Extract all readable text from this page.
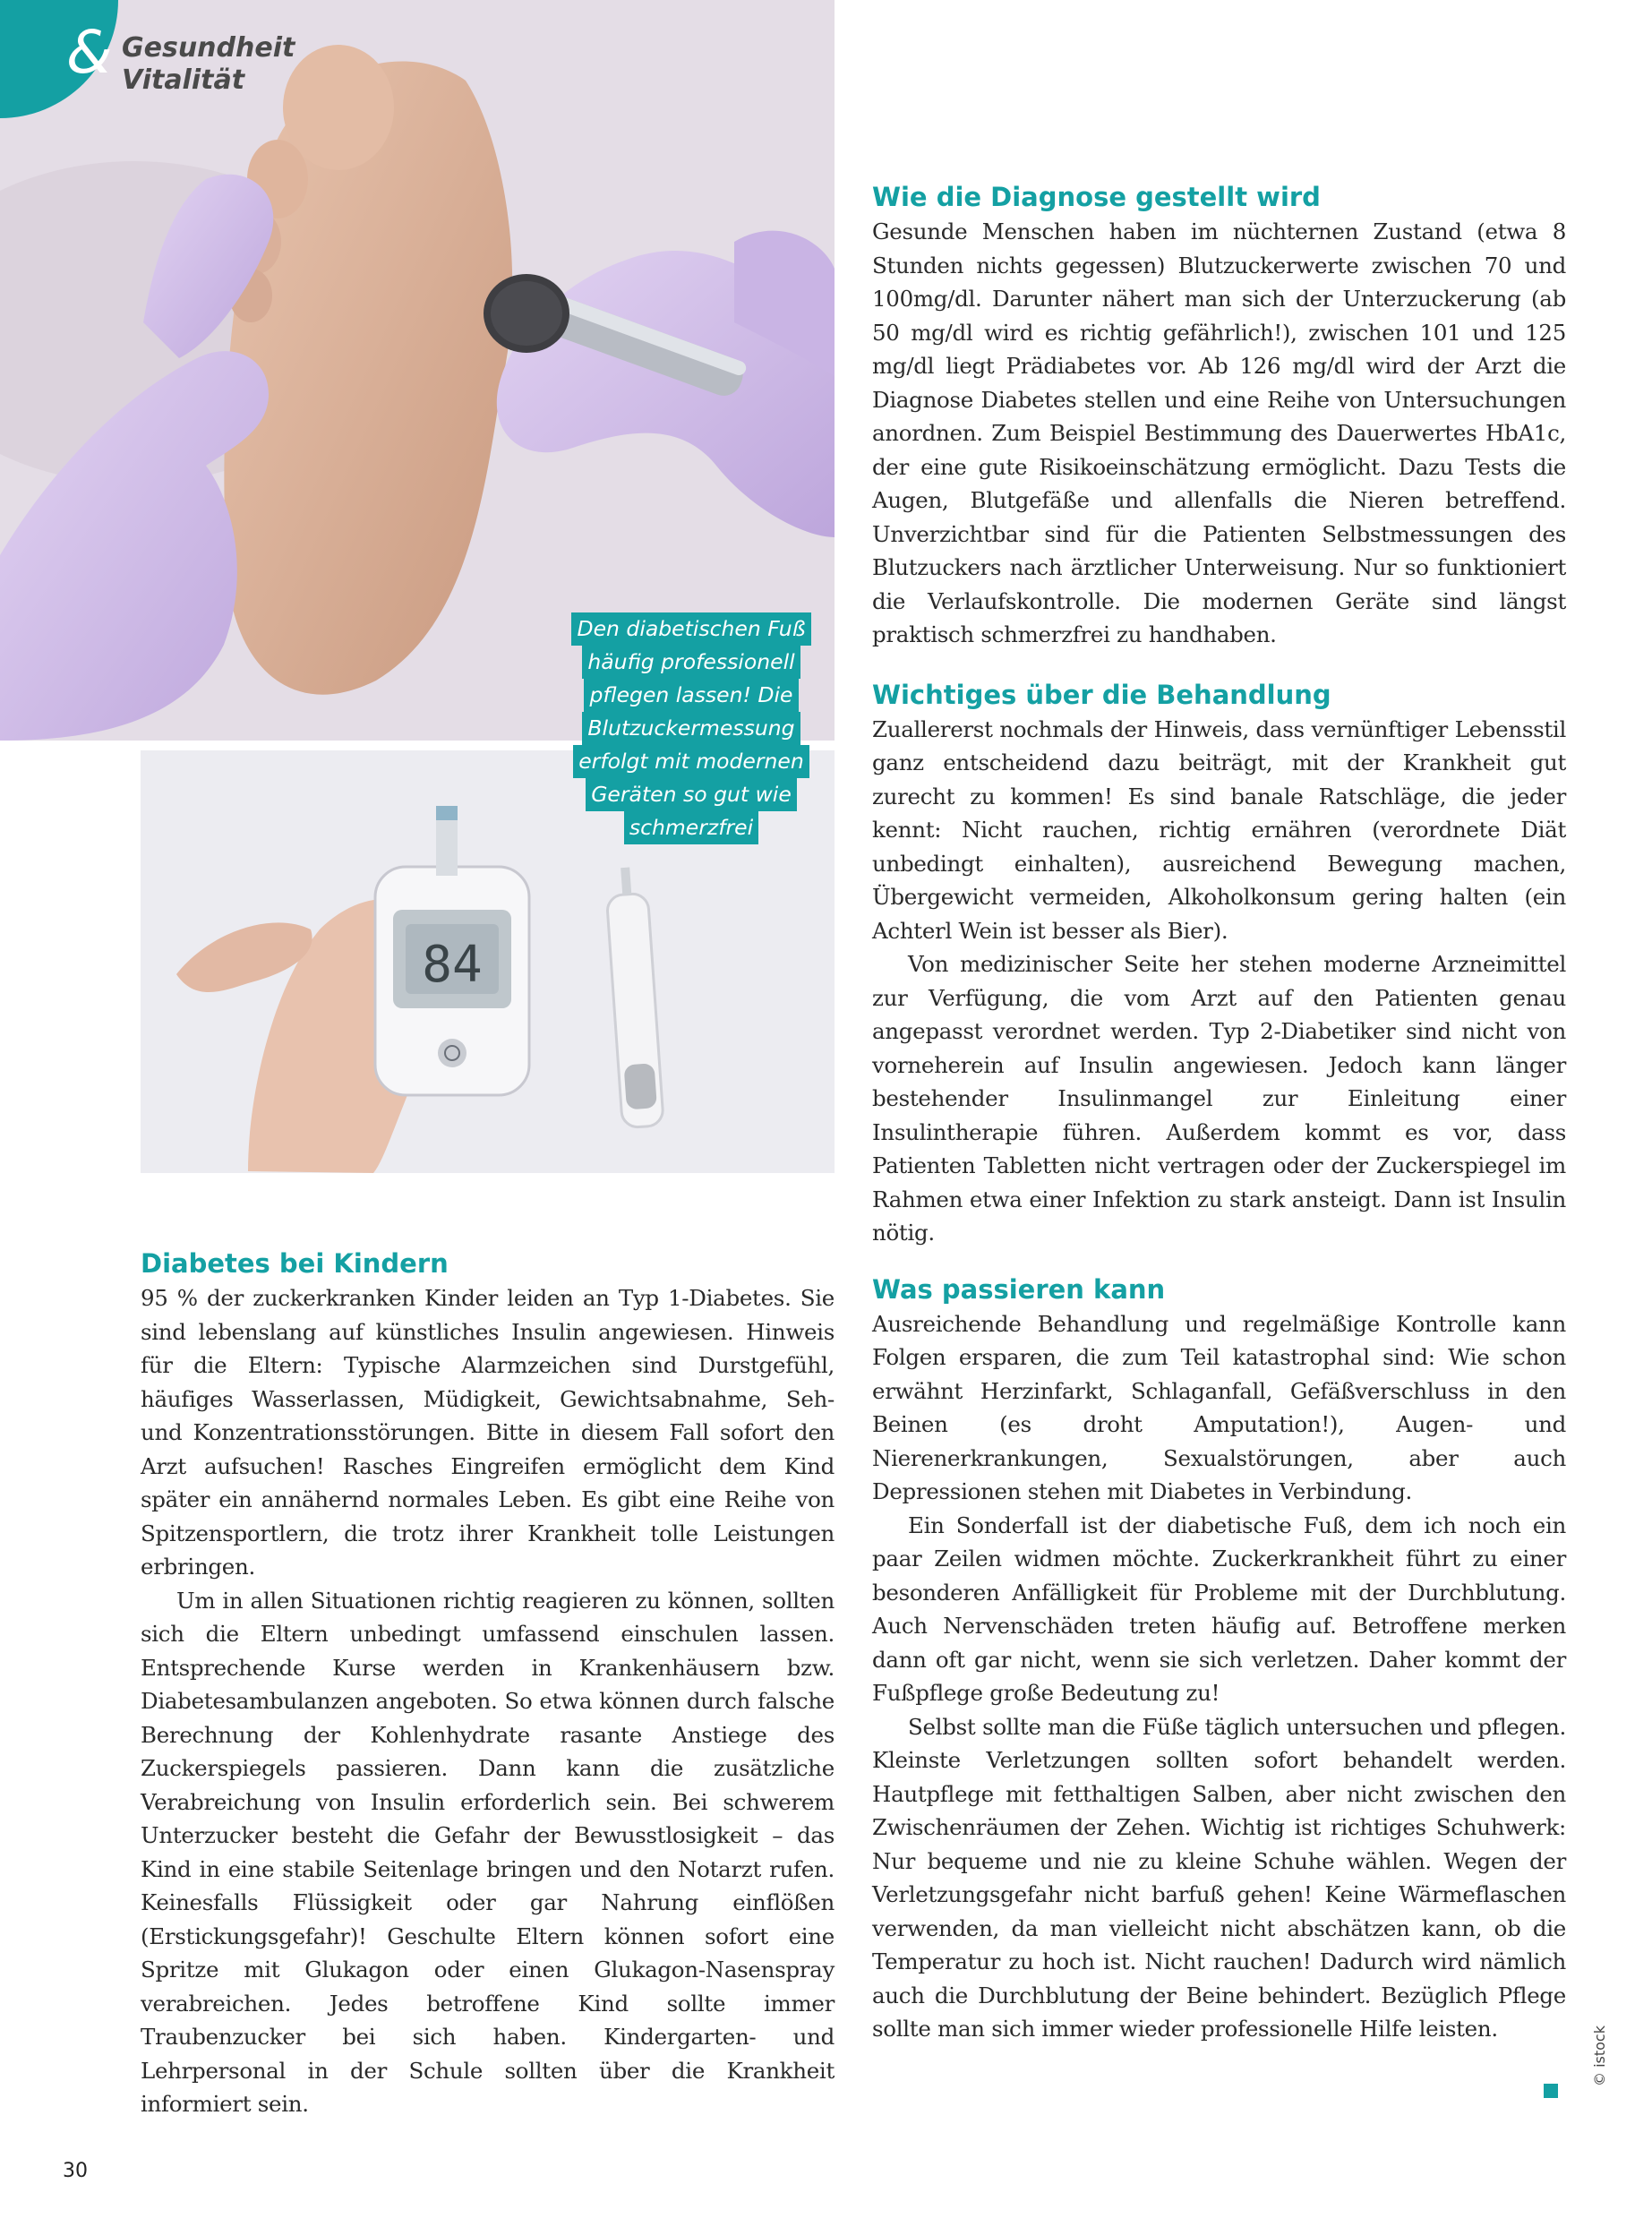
84
& Gesundheit
Vitalität
Den diabetischen Fuß
häufig professionell
pflegen lassen! Die
Blutzuckermessung
erfolgt mit modernen
Geräten so gut wie
schmerzfrei
Diabetes bei Kindern

95 % der zuckerkranken Kinder leiden an Typ 1-Diabetes. Sie sind lebenslang auf künstliches Insulin angewiesen. Hinweis für die Eltern: Typische Alarmzeichen sind Durstgefühl, häufiges Wasserlassen, Müdigkeit, Gewichtsabnahme, Seh- und Konzentrationsstörungen. Bitte in diesem Fall sofort den Arzt aufsuchen! Rasches Eingreifen ermöglicht dem Kind später ein annähernd normales Leben. Es gibt eine Reihe von Spitzensportlern, die trotz ihrer Krankheit tolle Leistungen erbringen.

Um in allen Situationen richtig reagieren zu können, sollten sich die Eltern unbedingt umfassend einschulen lassen. Entsprechende Kurse werden in Krankenhäusern bzw. Diabetesambulanzen angeboten. So etwa können durch falsche Berechnung der Kohlenhydrate rasante Anstiege des Zuckerspiegels passieren. Dann kann die zusätzliche Verabreichung von Insulin erforderlich sein. Bei schwerem Unterzucker besteht die Gefahr der Bewusstlosigkeit – das Kind in eine stabile Seitenlage bringen und den Notarzt rufen. Keinesfalls Flüssigkeit oder gar Nahrung einflößen (Erstickungsgefahr)! Geschulte Eltern können sofort eine Spritze mit Glukagon oder einen Glukagon-Nasenspray verabreichen. Jedes betroffene Kind sollte immer Traubenzucker bei sich haben. Kindergarten- und Lehrpersonal in der Schule sollten über die Krankheit informiert sein.

Wie die Diagnose gestellt wird

Gesunde Menschen haben im nüchternen Zustand (etwa 8 Stunden nichts gegessen) Blutzuckerwerte zwischen 70 und 100mg/dl. Darunter nähert man sich der Unterzuckerung (ab 50 mg/dl wird es richtig gefährlich!), zwischen 101 und 125 mg/dl liegt Prädiabetes vor. Ab 126 mg/dl wird der Arzt die Diagnose Diabetes stellen und eine Reihe von Untersuchungen anordnen. Zum Beispiel Bestimmung des Dauerwertes HbA1c, der eine gute Risikoeinschätzung ermöglicht. Dazu Tests die Augen, Blutgefäße und allenfalls die Nieren betreffend. Unverzichtbar sind für die Patienten Selbstmessungen des Blutzuckers nach ärztlicher Unterweisung. Nur so funktioniert die Verlaufskontrolle. Die modernen Geräte sind längst praktisch schmerzfrei zu handhaben.

Wichtiges über die Behandlung

Zuallererst nochmals der Hinweis, dass vernünftiger Lebensstil ganz entscheidend dazu beiträgt, mit der Krankheit gut zurecht zu kommen! Es sind banale Ratschläge, die jeder kennt: Nicht rauchen, richtig ernähren (verordnete Diät unbedingt einhalten), ausreichend Bewegung machen, Übergewicht vermeiden, Alkoholkonsum gering halten (ein Achterl Wein ist besser als Bier).

Von medizinischer Seite her stehen moderne Arzneimittel zur Verfügung, die vom Arzt auf den Patienten genau angepasst verordnet werden. Typ 2-Diabetiker sind nicht von vorneherein auf Insulin angewiesen. Jedoch kann länger bestehender Insulinmangel zur Einleitung einer Insulintherapie führen. Außerdem kommt es vor, dass Patienten Tabletten nicht vertragen oder der Zuckerspiegel im Rahmen etwa einer Infektion zu stark ansteigt. Dann ist Insulin nötig.

Was passieren kann

Ausreichende Behandlung und regelmäßige Kontrolle kann Folgen ersparen, die zum Teil katastrophal sind: Wie schon erwähnt Herzinfarkt, Schlaganfall, Gefäßverschluss in den Beinen (es droht Amputation!), Augen- und Nierenerkrankungen, Sexualstörungen, aber auch Depressionen stehen mit Diabetes in Verbindung.

Ein Sonderfall ist der diabetische Fuß, dem ich noch ein paar Zeilen widmen möchte. Zuckerkrankheit führt zu einer besonderen Anfälligkeit für Probleme mit der Durchblutung. Auch Nervenschäden treten häufig auf. Betroffene merken dann oft gar nicht, wenn sie sich verletzen. Daher kommt der Fußpflege große Bedeutung zu!

Selbst sollte man die Füße täglich untersuchen und pflegen. Kleinste Verletzungen sollten sofort behandelt werden. Hautpflege mit fetthaltigen Salben, aber nicht zwischen den Zwischenräumen der Zehen. Wichtig ist richtiges Schuhwerk: Nur bequeme und nie zu kleine Schuhe wählen. Wegen der Verletzungsgefahr nicht barfuß gehen! Keine Wärmeflaschen verwenden, da man vielleicht nicht abschätzen kann, ob die Temperatur zu hoch ist. Nicht rauchen! Dadurch wird nämlich auch die Durchblutung der Beine behindert. Bezüglich Pflege sollte man sich immer wieder professionelle Hilfe leisten.	© istock
30
